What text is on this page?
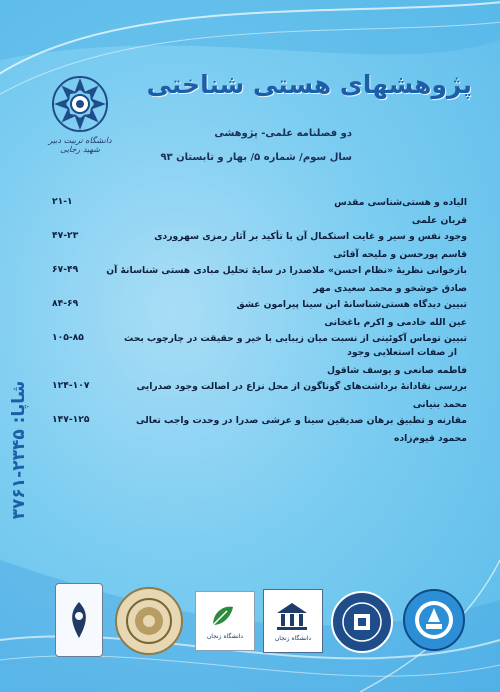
پژوهشهای هستی شناختی
دانشگاه تربیت دبیر شهید رجایی
دو فصلنامه علمی- پژوهشی
سال سوم/ شماره ۵/ بهار و تابستان ۹۳
الیاده و هستی‌شناسی مقدس
۲۱-۱
قربان علمی
وجود نفس و سیر و غایت استکمال آن با تأکید بر آثار رمزی سهروردی
۴۷-۲۳
قاسم پورحسن و ملیحه آقائی
بازخوانی نظریۀ «نظام احسن» ملاصدرا در سایۀ تحلیل مبادی هستی شناسانۀ آن
۶۷-۴۹
صادق خوشخو و محمد سعیدی مهر
تبیین دیدگاه هستی‌شناسانۀ ابن سینا پیرامون عشق
۸۴-۶۹
عین الله خادمی و اکرم باغخانی
تبیین توماس آکوئینی از نسبت میان زیبایی با خیر و حقیقت در چارچوب بحث
از صفات استعلایی وجود
۱۰۵-۸۵
فاطمه صانعی و یوسف شاقول
بررسی نقادانۀ برداشت‌های گوناگون از محل نزاع در اصالت وجود صدرایی
۱۲۴-۱۰۷
محمد بنیانی
مقارنه و تطبیق برهان صدیقین سینا و عرشی صدرا در وحدت واجب تعالی
۱۴۷-۱۲۵
محمود قیوم‌زاده
شاپا: ۲۳۴۵-۳۷۶۱
دانشگاه زنجان	دانشگاه زنجان
